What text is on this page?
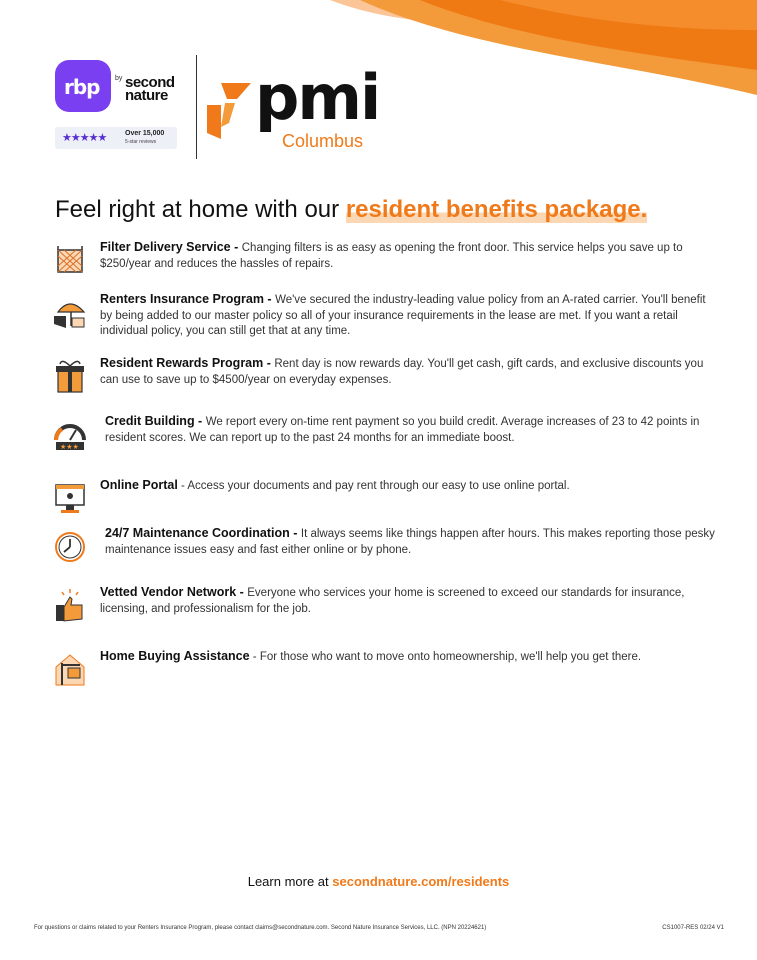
rbp by second nature
★★★★★	Over 15,000
5-star reviews
pmi
Columbus
Feel right at home with our resident benefits package.
Filter Delivery Service - Changing filters is as easy as opening the front door. This service helps you save up to $250/year and reduces the hassles of repairs.
Renters Insurance Program - We've secured the industry-leading value policy from an A-rated carrier. You'll benefit by being added to our master policy so all of your insurance requirements in the lease are met. If you want a retail individual policy, you can still get that at any time.
Resident Rewards Program - Rent day is now rewards day. You'll get cash, gift cards, and exclusive discounts you can use to save up to $4500/year on everyday expenses.
★★★
Credit Building - We report every on-time rent payment so you build credit. Average increases of 23 to 42 points in resident scores. We can report up to the past 24 months for an immediate boost.
Online Portal - Access your documents and pay rent through our easy to use online portal.
24/7 Maintenance Coordination - It always seems like things happen after hours. This makes reporting those pesky maintenance issues easy and fast either online or by phone.
Vetted Vendor Network - Everyone who services your home is screened to exceed our standards for insurance, licensing, and professionalism for the job.
Home Buying Assistance - For those who want to move onto homeownership, we'll help you get there.
Learn more at secondnature.com/residents
For questions or claims related to your Renters Insurance Program, please contact claims@secondnature.com. Second Nature Insurance Services, LLC. (NPN 20224621)	CS1007-RES 02/24 V1
